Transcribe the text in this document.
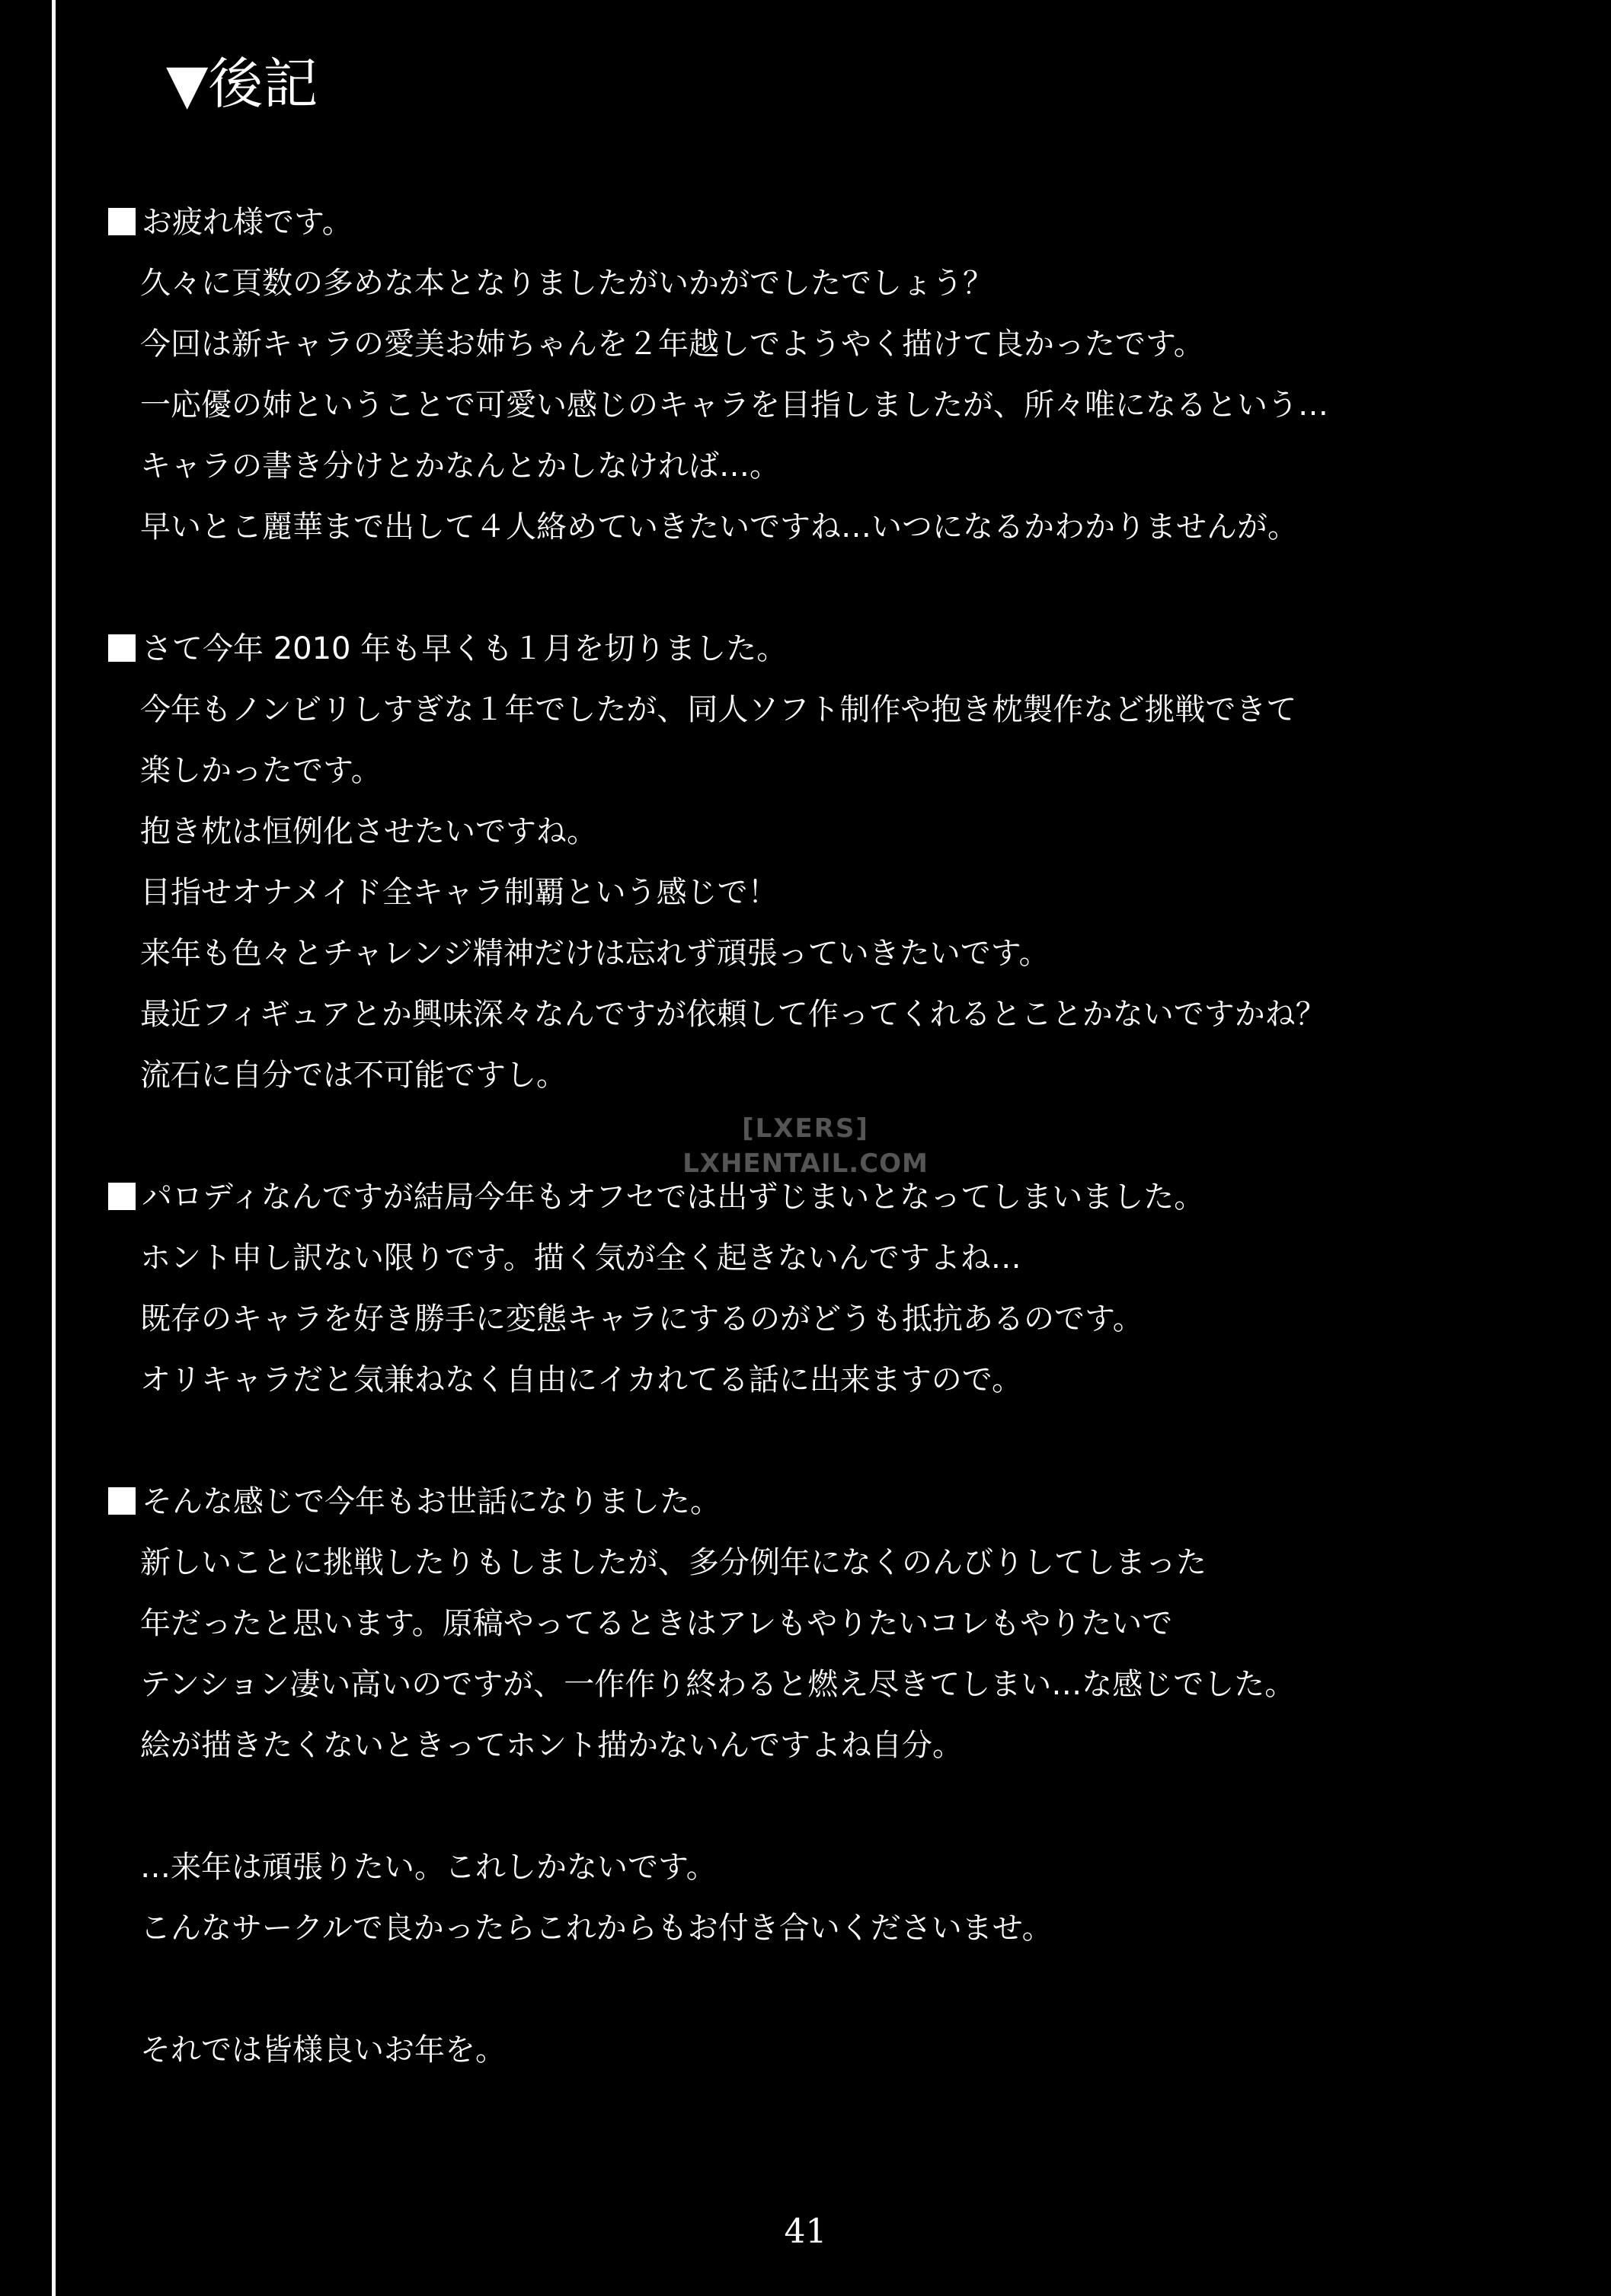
▼後記
お疲れ様です。
久々に頁数の多めな本となりましたがいかがでしたでしょう？
今回は新キャラの愛美お姉ちゃんを２年越しでようやく描けて良かったです。
一応優の姉ということで可愛い感じのキャラを目指しましたが、所々唯になるという…
キャラの書き分けとかなんとかしなければ…。
早いとこ麗華まで出して４人絡めていきたいですね…いつになるかわかりませんが。
さて今年 2010 年も早くも１月を切りました。
今年もノンビリしすぎな１年でしたが、同人ソフト制作や抱き枕製作など挑戦できて
楽しかったです。
抱き枕は恒例化させたいですね。
目指せオナメイド全キャラ制覇という感じで！
来年も色々とチャレンジ精神だけは忘れず頑張っていきたいです。
最近フィギュアとか興味深々なんですが依頼して作ってくれるとことかないですかね？
流石に自分では不可能ですし。
[LXERS]
LXHENTAIL.COM
パロディなんですが結局今年もオフセでは出ずじまいとなってしまいました。
ホント申し訳ない限りです。描く気が全く起きないんですよね…
既存のキャラを好き勝手に変態キャラにするのがどうも抵抗あるのです。
オリキャラだと気兼ねなく自由にイカれてる話に出来ますので。
そんな感じで今年もお世話になりました。
新しいことに挑戦したりもしましたが、多分例年になくのんびりしてしまった
年だったと思います。原稿やってるときはアレもやりたいコレもやりたいで
テンション凄い高いのですが、一作作り終わると燃え尽きてしまい…な感じでした。
絵が描きたくないときってホント描かないんですよね自分。
…来年は頑張りたい。これしかないです。
こんなサークルで良かったらこれからもお付き合いくださいませ。
それでは皆様良いお年を。
41
